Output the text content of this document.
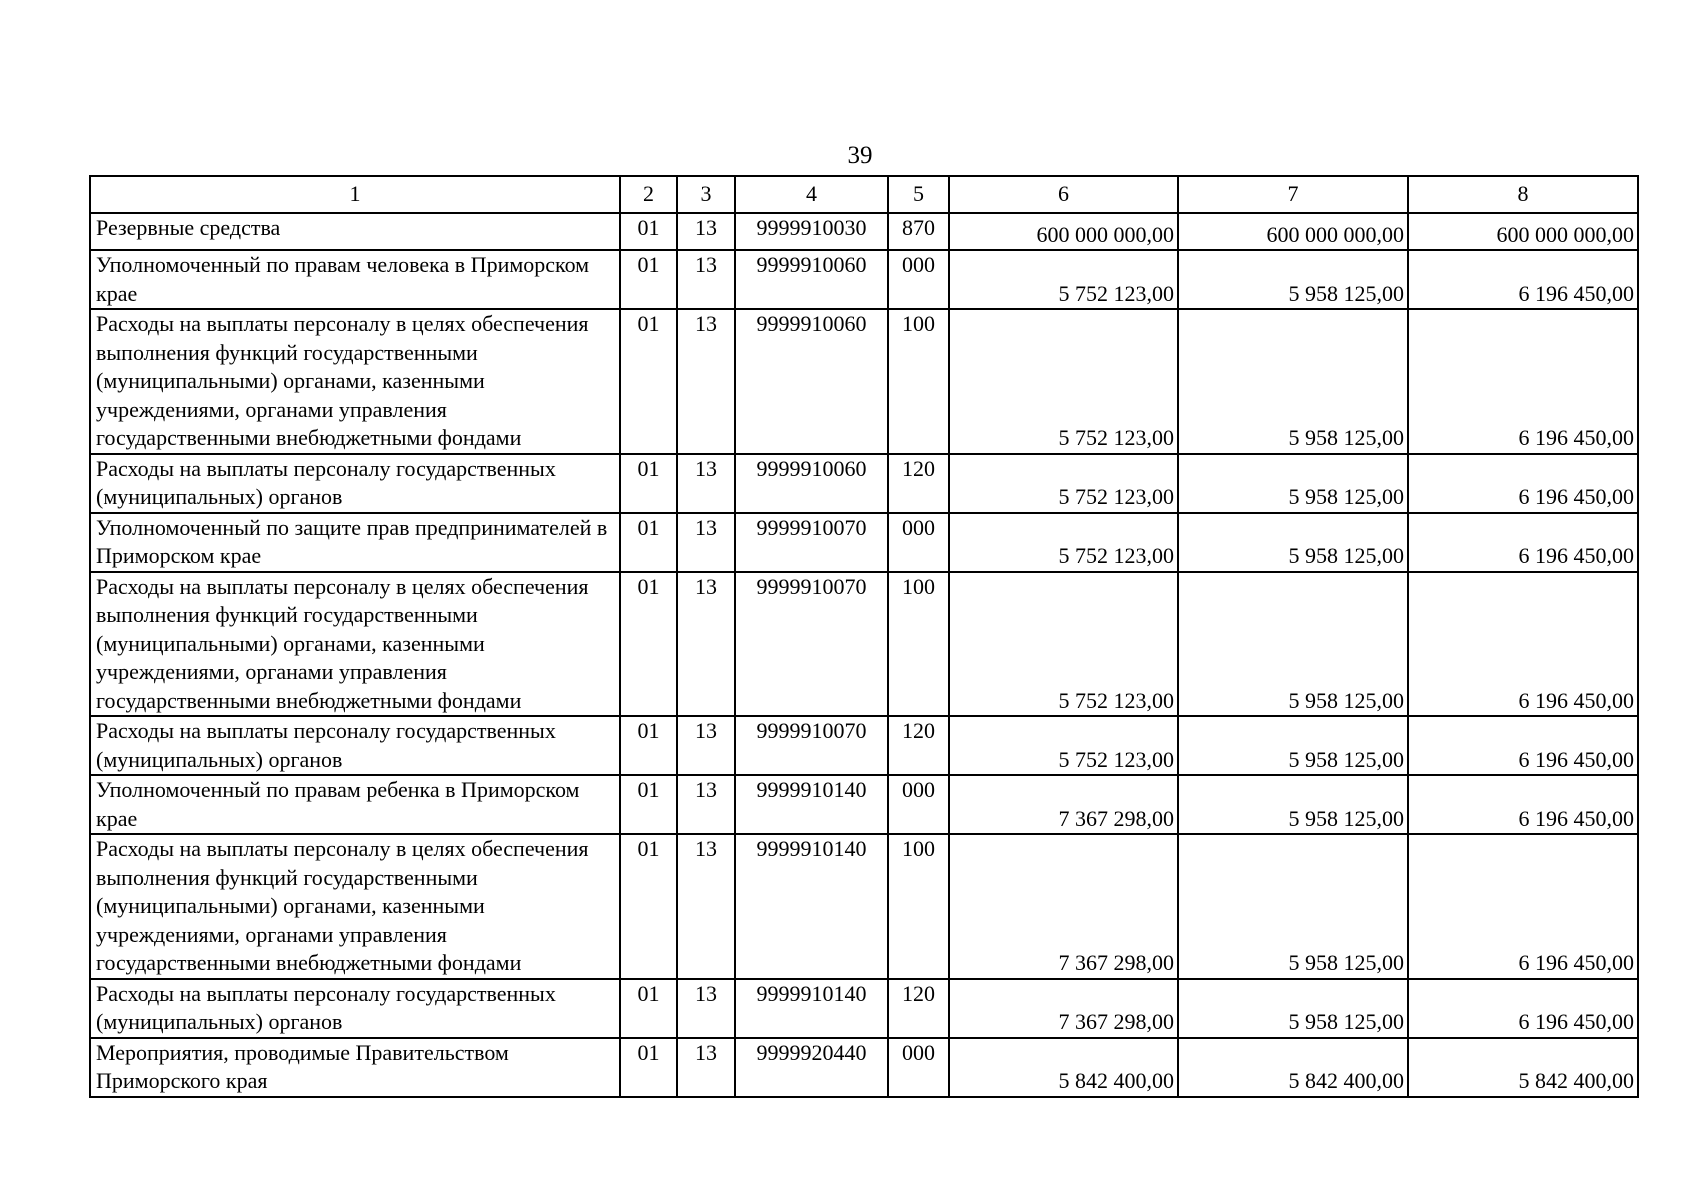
39
1	2	3	4	5	6	7	8
Резервные средства	01	13	9999910030	870	600 000 000,00	600 000 000,00	600 000 000,00
Уполномоченный по правам человека в Приморском крае	01	13	9999910060	000	5 752 123,00	5 958 125,00	6 196 450,00
Расходы на выплаты персоналу в целях обеспечения выполнения функций государственными (муниципальными) органами, казенными учреждениями, органами управления государственными внебюджетными фондами	01	13	9999910060	100	5 752 123,00	5 958 125,00	6 196 450,00
Расходы на выплаты персоналу государственных (муниципальных) органов	01	13	9999910060	120	5 752 123,00	5 958 125,00	6 196 450,00
Уполномоченный по защите прав предпринимателей в Приморском крае	01	13	9999910070	000	5 752 123,00	5 958 125,00	6 196 450,00
Расходы на выплаты персоналу в целях обеспечения выполнения функций государственными (муниципальными) органами, казенными учреждениями, органами управления государственными внебюджетными фондами	01	13	9999910070	100	5 752 123,00	5 958 125,00	6 196 450,00
Расходы на выплаты персоналу государственных (муниципальных) органов	01	13	9999910070	120	5 752 123,00	5 958 125,00	6 196 450,00
Уполномоченный по правам ребенка в Приморском крае	01	13	9999910140	000	7 367 298,00	5 958 125,00	6 196 450,00
Расходы на выплаты персоналу в целях обеспечения выполнения функций государственными (муниципальными) органами, казенными учреждениями, органами управления государственными внебюджетными фондами	01	13	9999910140	100	7 367 298,00	5 958 125,00	6 196 450,00
Расходы на выплаты персоналу государственных (муниципальных) органов	01	13	9999910140	120	7 367 298,00	5 958 125,00	6 196 450,00
Мероприятия, проводимые Правительством Приморского края	01	13	9999920440	000	5 842 400,00	5 842 400,00	5 842 400,00
